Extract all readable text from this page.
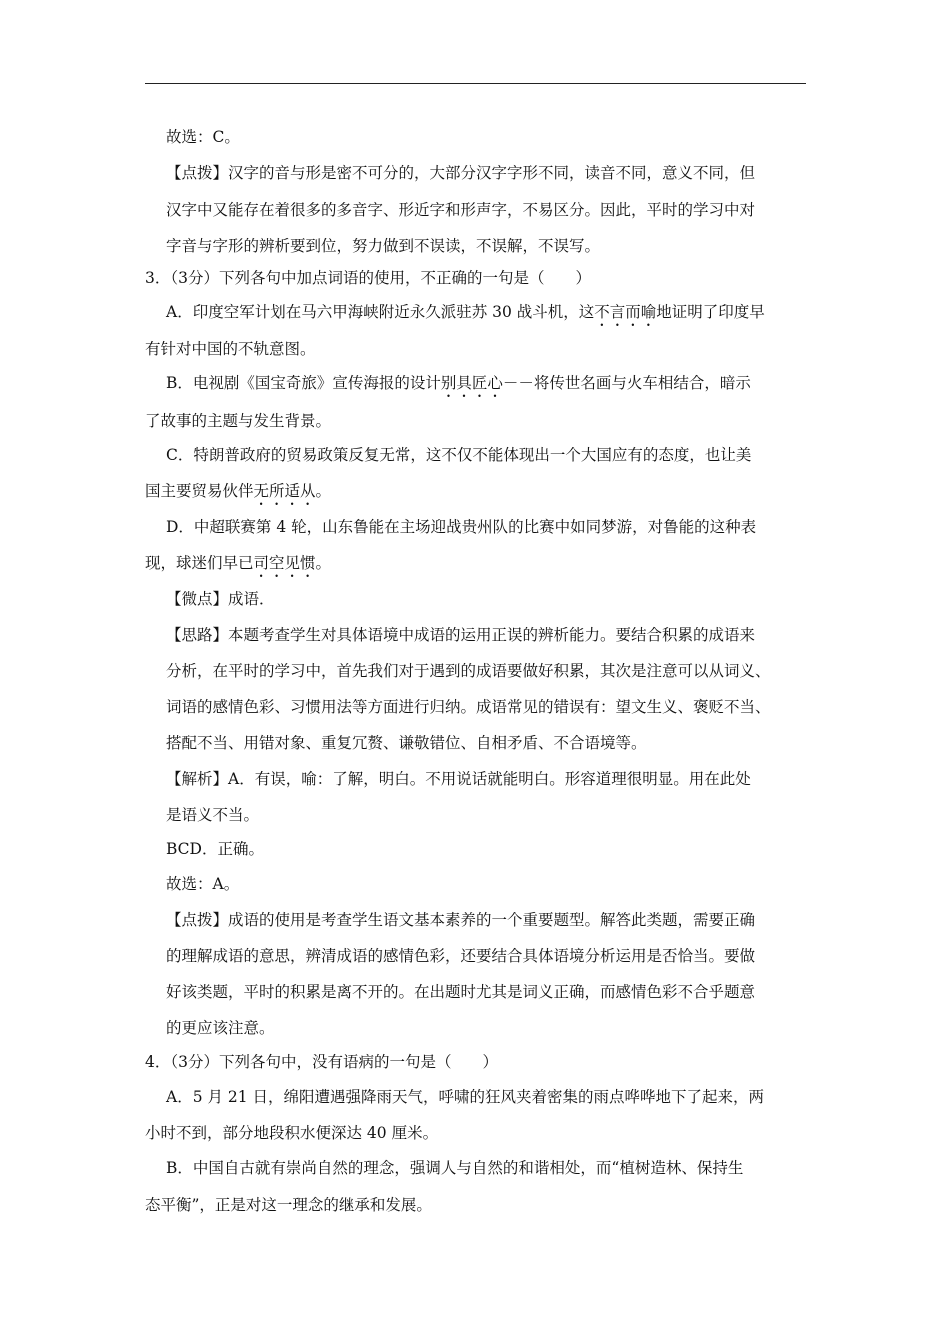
故选：C。
【点拨】汉字的音与形是密不可分的，大部分汉字字形不同，读音不同，意义不同，但
汉字中又能存在着很多的多音字、形近字和形声字，不易区分。因此，平时的学习中对
字音与字形的辨析要到位，努力做到不误读，不误解，不误写。
3．（3分）下列各句中加点词语的使用，不正确的一句是（　　）
A．印度空军计划在马六甲海峡附近永久派驻苏 30 战斗机，这不言而喻地证明了印度早
有针对中国的不轨意图。
B．电视剧《国宝奇旅》宣传海报的设计别具匠心－－将传世名画与火车相结合，暗示
了故事的主题与发生背景。
C．特朗普政府的贸易政策反复无常，这不仅不能体现出一个大国应有的态度，也让美
国主要贸易伙伴无所适从。
D．中超联赛第 4 轮，山东鲁能在主场迎战贵州队的比赛中如同梦游，对鲁能的这种表
现，球迷们早已司空见惯。
【微点】成语．
【思路】本题考查学生对具体语境中成语的运用正误的辨析能力。要结合积累的成语来
分析，在平时的学习中，首先我们对于遇到的成语要做好积累，其次是注意可以从词义、
词语的感情色彩、习惯用法等方面进行归纳。成语常见的错误有：望文生义、褒贬不当、
搭配不当、用错对象、重复冗赘、谦敬错位、自相矛盾、不合语境等。
【解析】A．有误，喻：了解，明白。不用说话就能明白。形容道理很明显。用在此处
是语义不当。
BCD．正确。
故选：A。
【点拨】成语的使用是考查学生语文基本素养的一个重要题型。解答此类题，需要正确
的理解成语的意思，辨清成语的感情色彩，还要结合具体语境分析运用是否恰当。要做
好该类题，平时的积累是离不开的。在出题时尤其是词义正确，而感情色彩不合乎题意
的更应该注意。
4．（3分）下列各句中，没有语病的一句是（　　）
A．5 月 21 日，绵阳遭遇强降雨天气，呼啸的狂风夹着密集的雨点哗哗地下了起来，两
小时不到，部分地段积水便深达 40 厘米。
B．中国自古就有崇尚自然的理念，强调人与自然的和谐相处，而“植树造林、保持生
态平衡”，正是对这一理念的继承和发展。
